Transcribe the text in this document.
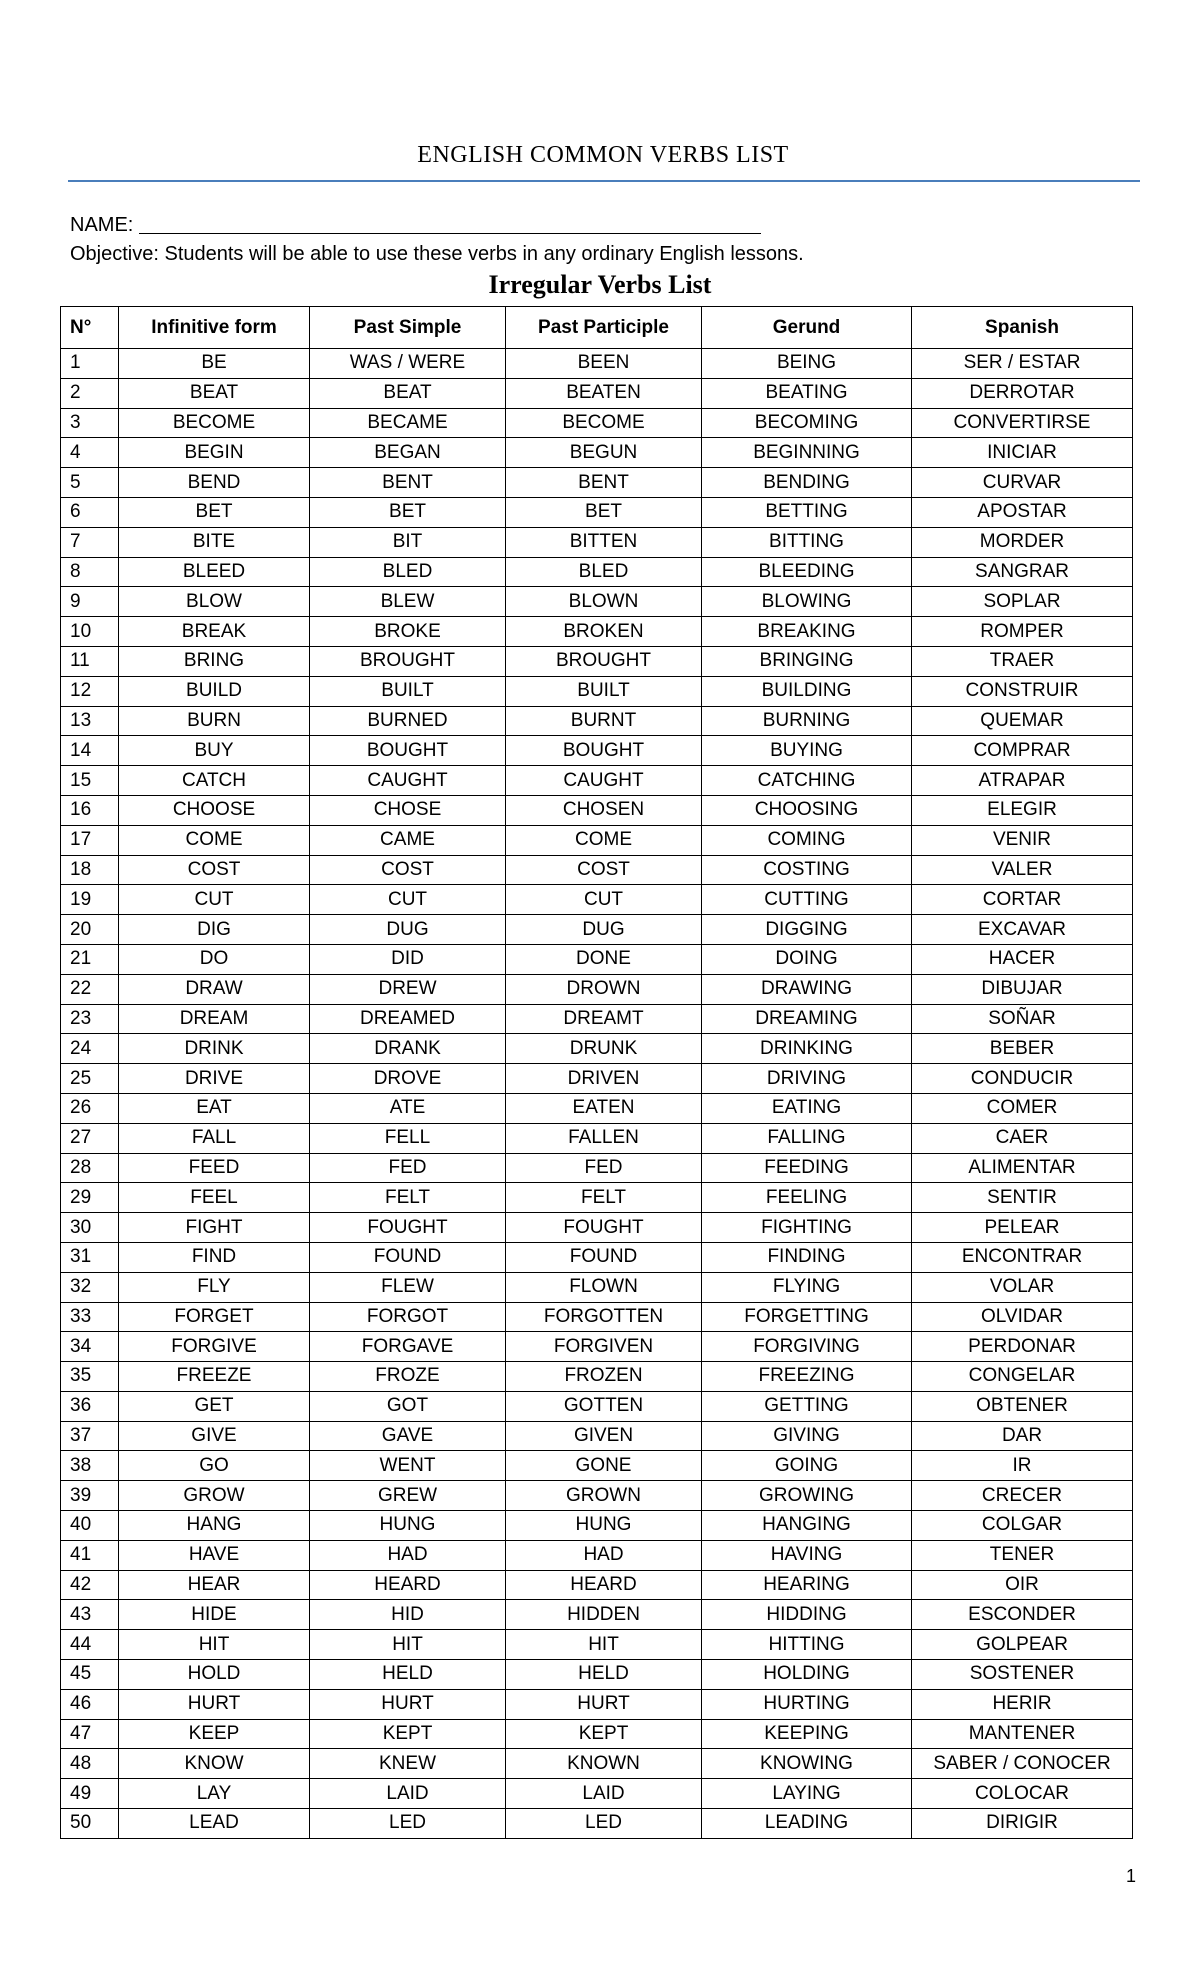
ENGLISH COMMON VERBS LIST
NAME:
Objective: Students will be able to use these verbs in any ordinary English lessons.
Irregular Verbs List
N°	Infinitive form	Past Simple	Past Participle	Gerund	Spanish
1	BE	WAS / WERE	BEEN	BEING	SER / ESTAR
2	BEAT	BEAT	BEATEN	BEATING	DERROTAR
3	BECOME	BECAME	BECOME	BECOMING	CONVERTIRSE
4	BEGIN	BEGAN	BEGUN	BEGINNING	INICIAR
5	BEND	BENT	BENT	BENDING	CURVAR
6	BET	BET	BET	BETTING	APOSTAR
7	BITE	BIT	BITTEN	BITTING	MORDER
8	BLEED	BLED	BLED	BLEEDING	SANGRAR
9	BLOW	BLEW	BLOWN	BLOWING	SOPLAR
10	BREAK	BROKE	BROKEN	BREAKING	ROMPER
11	BRING	BROUGHT	BROUGHT	BRINGING	TRAER
12	BUILD	BUILT	BUILT	BUILDING	CONSTRUIR
13	BURN	BURNED	BURNT	BURNING	QUEMAR
14	BUY	BOUGHT	BOUGHT	BUYING	COMPRAR
15	CATCH	CAUGHT	CAUGHT	CATCHING	ATRAPAR
16	CHOOSE	CHOSE	CHOSEN	CHOOSING	ELEGIR
17	COME	CAME	COME	COMING	VENIR
18	COST	COST	COST	COSTING	VALER
19	CUT	CUT	CUT	CUTTING	CORTAR
20	DIG	DUG	DUG	DIGGING	EXCAVAR
21	DO	DID	DONE	DOING	HACER
22	DRAW	DREW	DROWN	DRAWING	DIBUJAR
23	DREAM	DREAMED	DREAMT	DREAMING	SOÑAR
24	DRINK	DRANK	DRUNK	DRINKING	BEBER
25	DRIVE	DROVE	DRIVEN	DRIVING	CONDUCIR
26	EAT	ATE	EATEN	EATING	COMER
27	FALL	FELL	FALLEN	FALLING	CAER
28	FEED	FED	FED	FEEDING	ALIMENTAR
29	FEEL	FELT	FELT	FEELING	SENTIR
30	FIGHT	FOUGHT	FOUGHT	FIGHTING	PELEAR
31	FIND	FOUND	FOUND	FINDING	ENCONTRAR
32	FLY	FLEW	FLOWN	FLYING	VOLAR
33	FORGET	FORGOT	FORGOTTEN	FORGETTING	OLVIDAR
34	FORGIVE	FORGAVE	FORGIVEN	FORGIVING	PERDONAR
35	FREEZE	FROZE	FROZEN	FREEZING	CONGELAR
36	GET	GOT	GOTTEN	GETTING	OBTENER
37	GIVE	GAVE	GIVEN	GIVING	DAR
38	GO	WENT	GONE	GOING	IR
39	GROW	GREW	GROWN	GROWING	CRECER
40	HANG	HUNG	HUNG	HANGING	COLGAR
41	HAVE	HAD	HAD	HAVING	TENER
42	HEAR	HEARD	HEARD	HEARING	OIR
43	HIDE	HID	HIDDEN	HIDDING	ESCONDER
44	HIT	HIT	HIT	HITTING	GOLPEAR
45	HOLD	HELD	HELD	HOLDING	SOSTENER
46	HURT	HURT	HURT	HURTING	HERIR
47	KEEP	KEPT	KEPT	KEEPING	MANTENER
48	KNOW	KNEW	KNOWN	KNOWING	SABER / CONOCER
49	LAY	LAID	LAID	LAYING	COLOCAR
50	LEAD	LED	LED	LEADING	DIRIGIR
1
